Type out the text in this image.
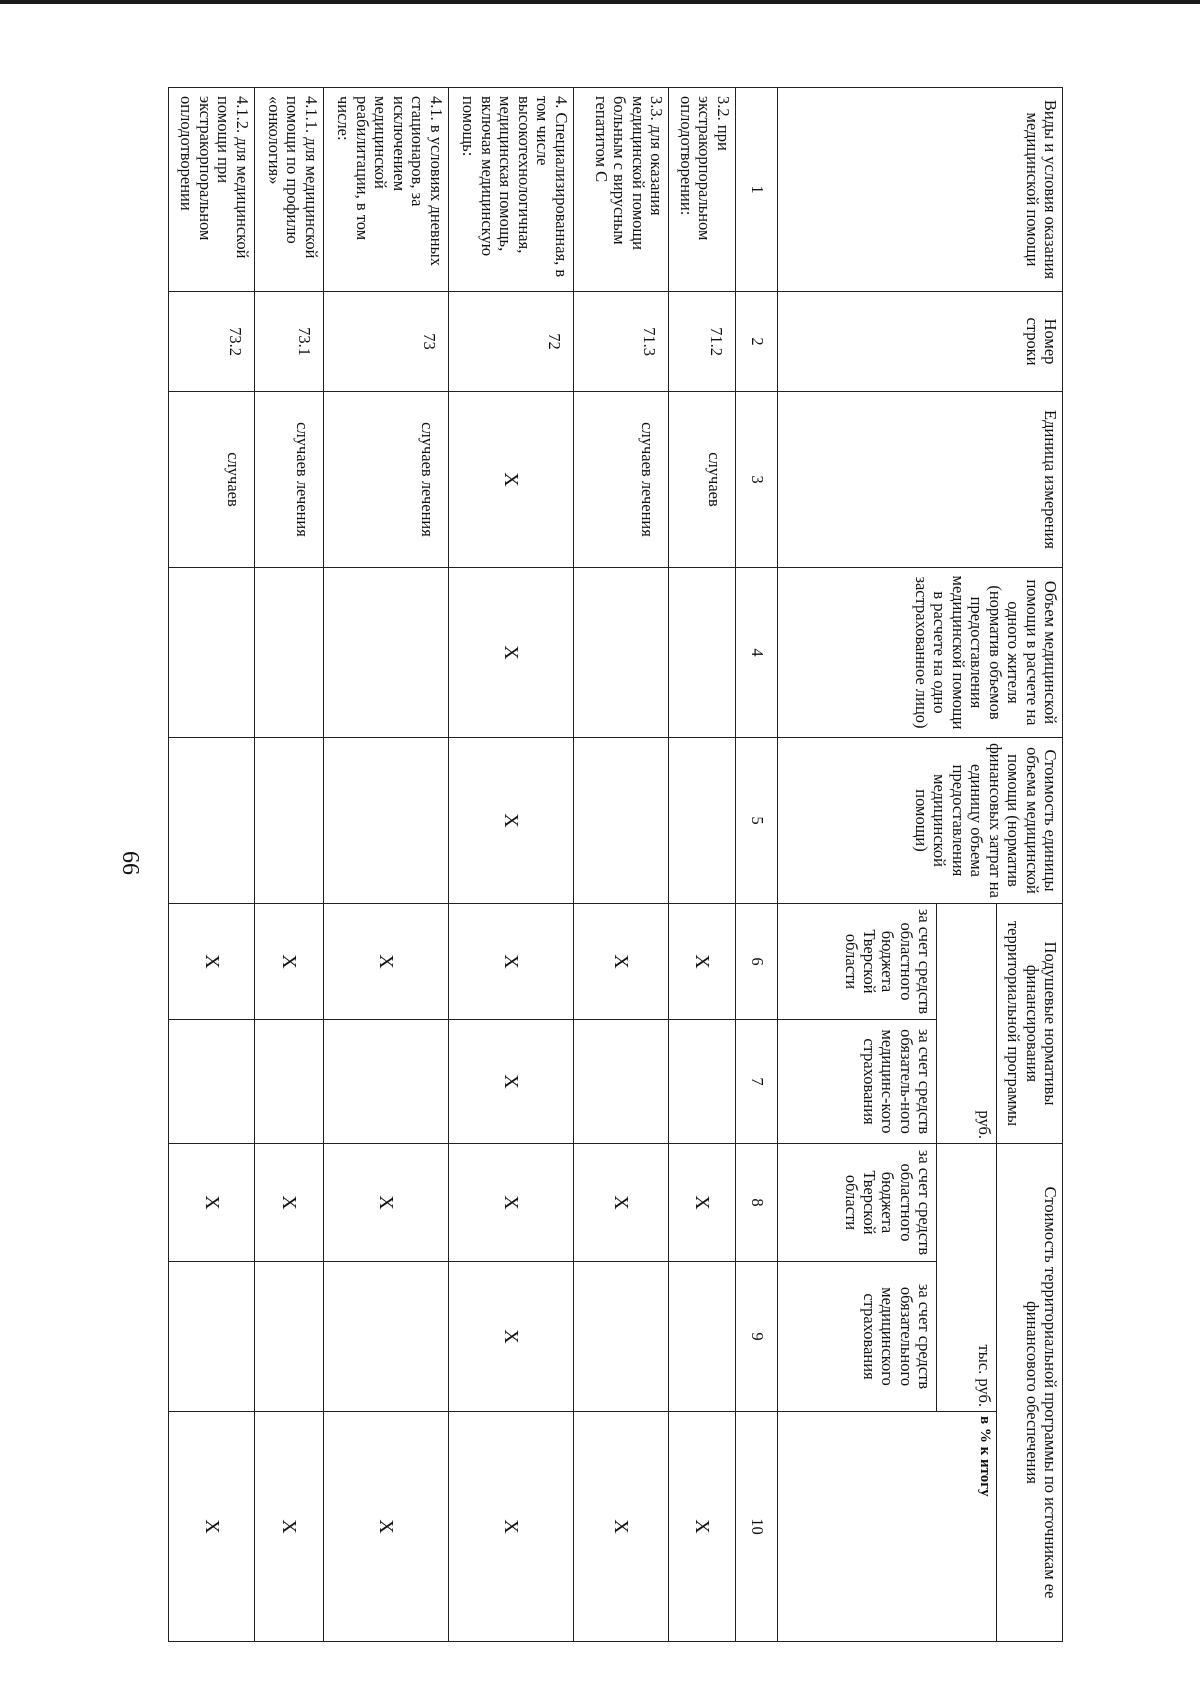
66
Виды и условия оказания медицинской помощи	Номер строки	Единица измерения	Объем медицинской помощи в расчете на одного жителя (норматив объемов предоставления медицинской помощи в расчете на одно застрахованное лицо)	Стоимость единицы объема медицинской помощи (норматив финансовых затрат на единицу объема предоставления медицинской помощи)	Подушевые нормативы финансирования территориальной программы		Стоимость территориальной программы по источникам ее финансового обеспечения		
					руб.		тыс. руб.		в % к итогу
					за счет средств областного бюджета Тверской области	за счет средств обязатель-ного медицинс-кого страхования	за счет средств областного бюджета Тверской области	за счет средств обязательного медицинского страхования	
1	2	3	4	5	6	7	8	9	10
3.2. при экстракорпоральном оплодотворении:	71.2	случаев			X		X		X
3.3. для оказания медицинской помощи больным с вирусным гепатитом С	71.3	случаев лечения			X		X		X
4. Специализированная, в том числе высокотехнологичная, медицинская помощь, включая медицинскую помощь:	72	X	X	X	X	X	X	X	X
4.1. в условиях дневных стационаров, за исключением медицинской реабилитации, в том числе:	73	случаев лечения			X		X		X
4.1.1. для медицинской помощи по профилю «онкология»	73.1	случаев лечения			X		X		X
4.1.2. для медицинской помощи при экстракорпоральном оплодотворении	73.2	случаев			X		X		X
